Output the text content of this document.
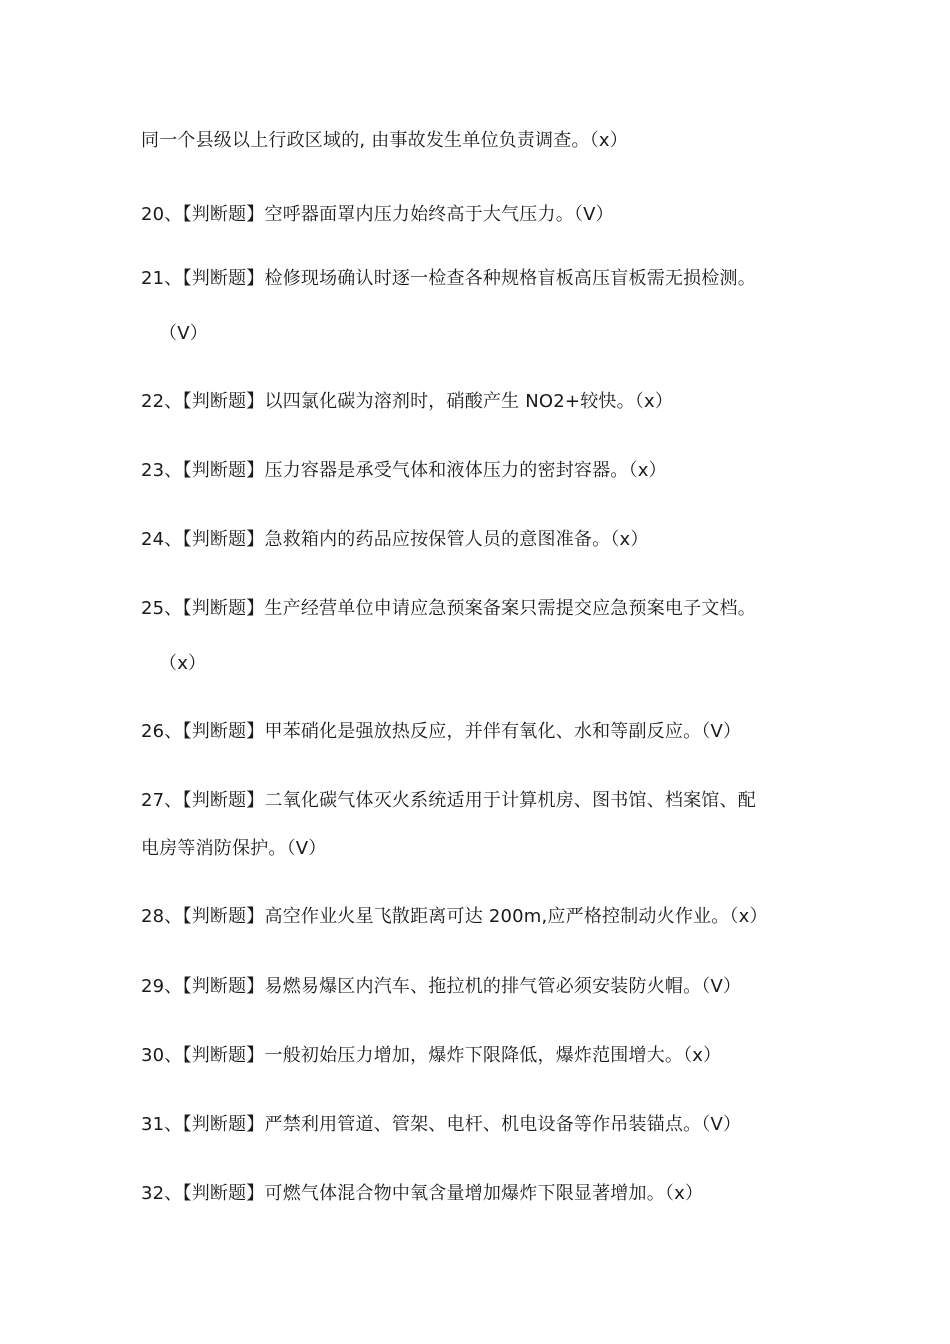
同一个县级以上行政区域的, 由事故发生单位负责调查。（x）
20、【判断题】空呼器面罩内压力始终高于大气压力。（V）
21、【判断题】检修现场确认时逐一检查各种规格盲板高压盲板需无损检测。
（V）
22、【判断题】以四氯化碳为溶剂时，硝酸产生 NO2+较快。（x）
23、【判断题】压力容器是承受气体和液体压力的密封容器。（x）
24、【判断题】急救箱内的药品应按保管人员的意图准备。（x）
25、【判断题】生产经营单位申请应急预案备案只需提交应急预案电子文档。
（x）
26、【判断题】甲苯硝化是强放热反应，并伴有氧化、水和等副反应。（V）
27、【判断题】二氧化碳气体灭火系统适用于计算机房、图书馆、档案馆、配
电房等消防保护。（V）
28、【判断题】高空作业火星飞散距离可达 200m,应严格控制动火作业。（x）
29、【判断题】易燃易爆区内汽车、拖拉机的排气管必须安装防火帽。（V）
30、【判断题】一般初始压力增加，爆炸下限降低，爆炸范围增大。（x）
31、【判断题】严禁利用管道、管架、电杆、机电设备等作吊装锚点。（V）
32、【判断题】可燃气体混合物中氧含量增加爆炸下限显著增加。（x）
